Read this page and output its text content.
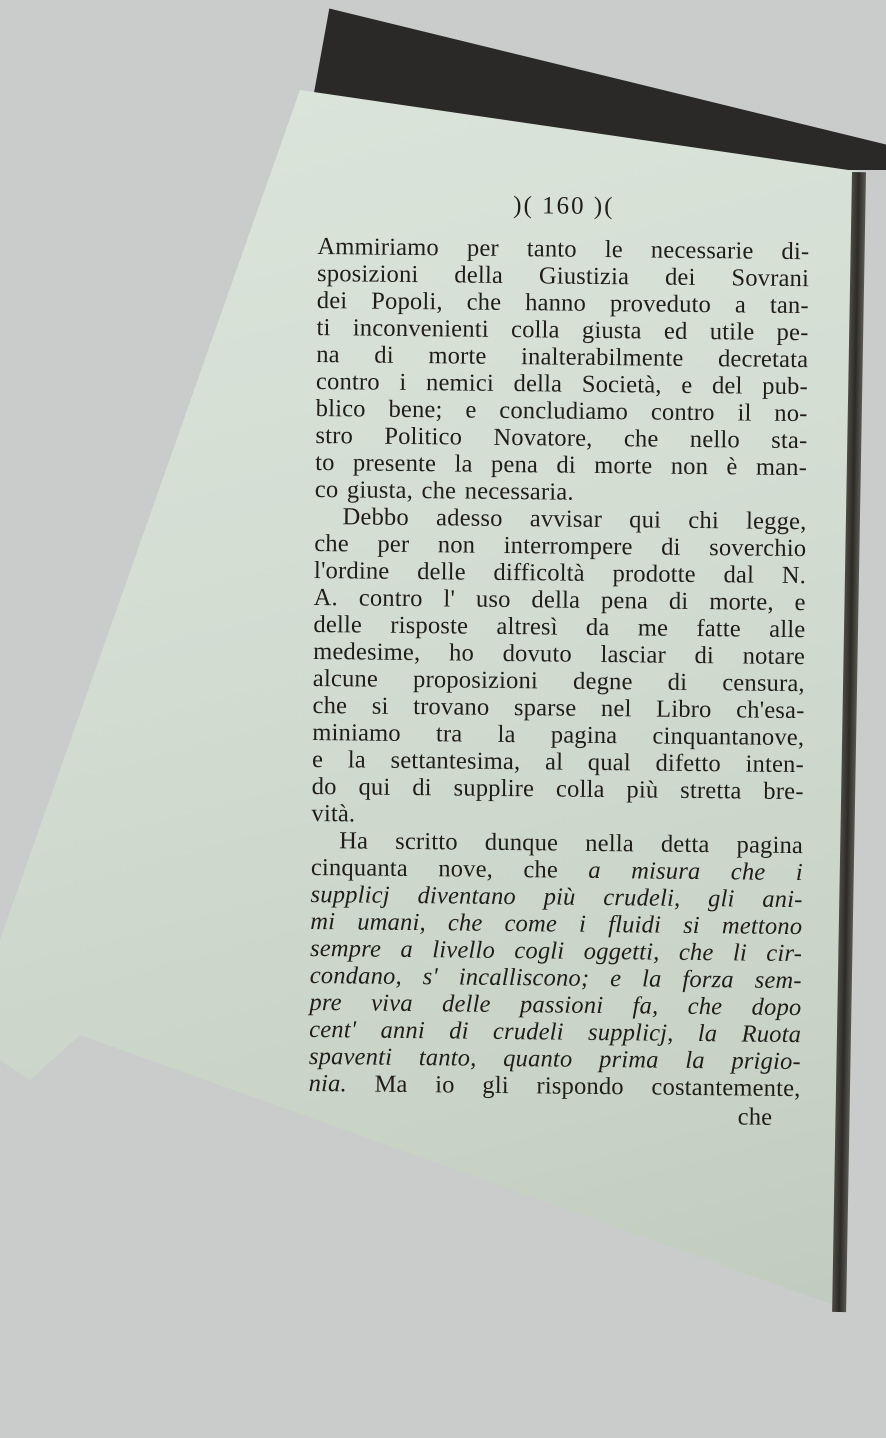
)( 160 )(
Ammiriamo per tanto le necessarie di-
sposizioni della Giustizia dei Sovrani
dei Popoli, che hanno proveduto a tan-
ti inconvenienti colla giusta ed utile pe-
na di morte inalterabilmente decretata
contro i nemici della Società, e del pub-
blico bene; e concludiamo contro il no-
stro Politico Novatore, che nello sta-
to presente la pena di morte non è man-
co giusta, che necessaria.
Debbo adesso avvisar qui chi legge,
che per non interrompere di soverchio
l'ordine delle difficoltà prodotte dal N.
A. contro l' uso della pena di morte, e
delle risposte altresì da me fatte alle
medesime, ho dovuto lasciar di notare
alcune proposizioni degne di censura,
che si trovano sparse nel Libro ch'esa-
miniamo tra la pagina cinquantanove,
e la settantesima, al qual difetto inten-
do qui di supplire colla più stretta bre-
vità.
Ha scritto dunque nella detta pagina
cinquanta nove, che a misura che i
supplicj diventano più crudeli, gli ani-
mi umani, che come i fluidi si mettono
sempre a livello cogli oggetti, che li cir-
condano, s' incalliscono; e la forza sem-
pre viva delle passioni fa, che dopo
cent' anni di crudeli supplicj, la Ruota
spaventi tanto, quanto prima la prigio-
nia. Ma io gli rispondo costantemente,
che
